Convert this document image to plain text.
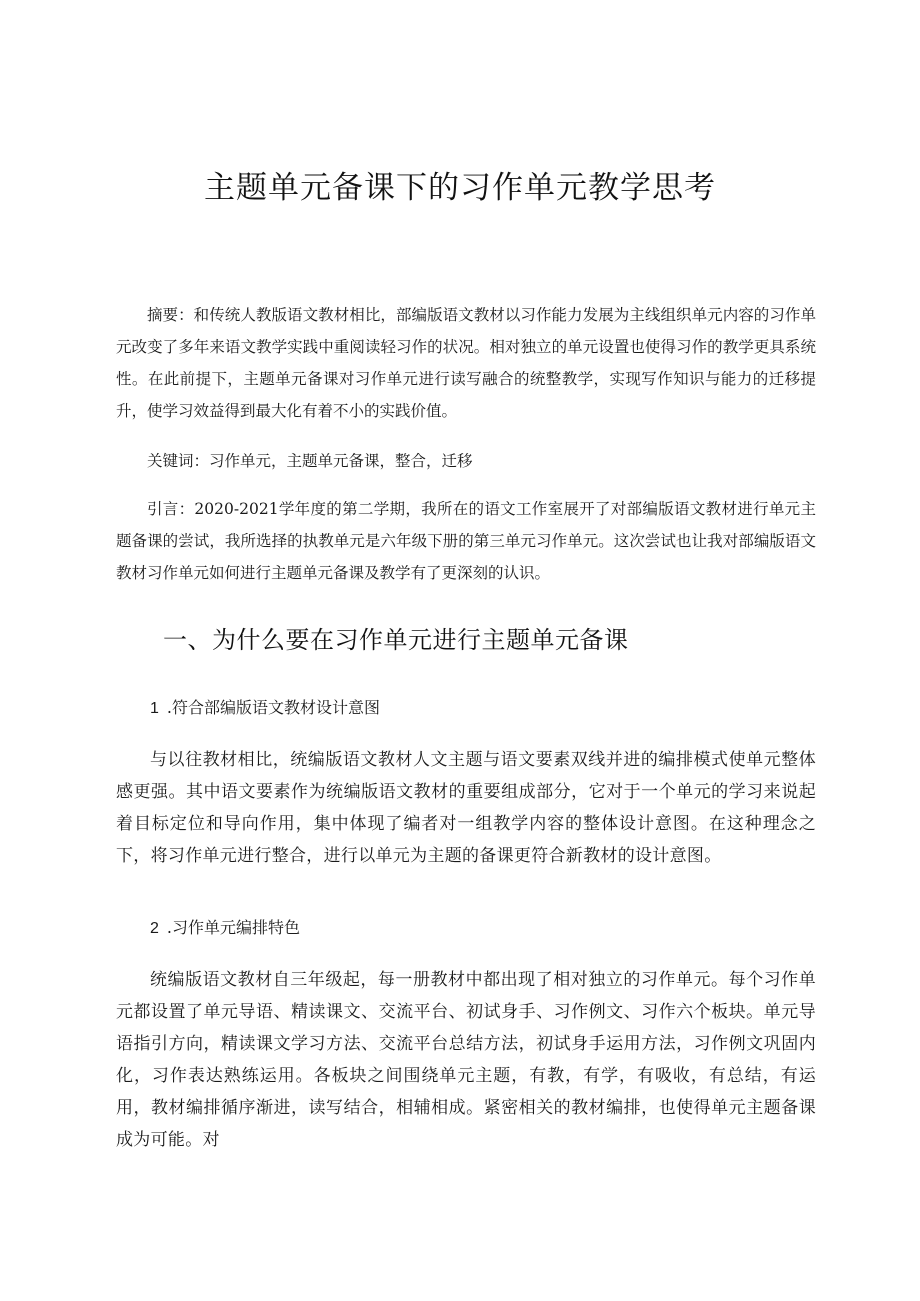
主题单元备课下的习作单元教学思考

摘要：和传统人教版语文教材相比，部编版语文教材以习作能力发展为主线组织单元内容的习作单元改变了多年来语文教学实践中重阅读轻习作的状况。相对独立的单元设置也使得习作的教学更具系统性。在此前提下，主题单元备课对习作单元进行读写融合的统整教学，实现写作知识与能力的迁移提升，使学习效益得到最大化有着不小的实践价值。

关键词：习作单元，主题单元备课，整合，迁移

引言：2020-2021学年度的第二学期，我所在的语文工作室展开了对部编版语文教材进行单元主题备课的尝试，我所选择的执教单元是六年级下册的第三单元习作单元。这次尝试也让我对部编版语文教材习作单元如何进行主题单元备课及教学有了更深刻的认识。

一、为什么要在习作单元进行主题单元备课
1 .符合部编版语文教材设计意图

与以往教材相比，统编版语文教材人文主题与语文要素双线并进的编排模式使单元整体感更强。其中语文要素作为统编版语文教材的重要组成部分，它对于一个单元的学习来说起着目标定位和导向作用，集中体现了编者对一组教学内容的整体设计意图。在这种理念之下，将习作单元进行整合，进行以单元为主题的备课更符合新教材的设计意图。

2 .习作单元编排特色

统编版语文教材自三年级起，每一册教材中都出现了相对独立的习作单元。每个习作单元都设置了单元导语、精读课文、交流平台、初试身手、习作例文、习作六个板块。单元导语指引方向，精读课文学习方法、交流平台总结方法，初试身手运用方法，习作例文巩固内化，习作表达熟练运用。各板块之间围绕单元主题，有教，有学，有吸收，有总结，有运用，教材编排循序渐进，读写结合，相辅相成。紧密相关的教材编排，也使得单元主题备课成为可能。对
